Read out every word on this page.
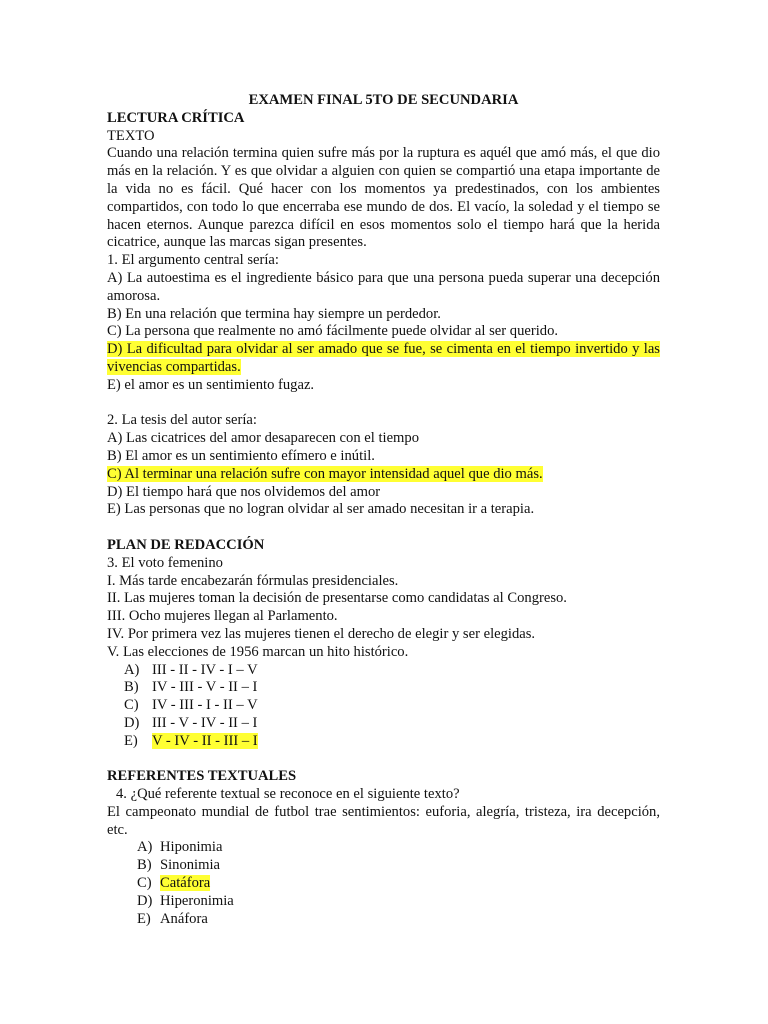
EXAMEN FINAL 5TO DE SECUNDARIA
LECTURA CRÍTICA
TEXTO
Cuando una relación termina quien sufre más por la ruptura es aquél que amó más, el que dio más en la relación. Y es que olvidar a alguien con quien se compartió una etapa importante de la vida no es fácil. Qué hacer con los momentos ya predestinados, con los ambientes compartidos, con todo lo que encerraba ese mundo de dos. El vacío, la soledad y el tiempo se hacen eternos. Aunque parezca difícil en esos momentos solo el tiempo hará que la herida cicatrice, aunque las marcas sigan presentes.
1. El argumento central sería:
A) La autoestima es el ingrediente básico para que una persona pueda superar una decepción amorosa.
B) En una relación que termina hay siempre un perdedor.
C) La persona que realmente no amó fácilmente puede olvidar al ser querido.
D) La dificultad para olvidar al ser amado que se fue, se cimenta en el tiempo invertido y las vivencias compartidas.
E) el amor es un sentimiento fugaz.
2. La tesis del autor sería:
A) Las cicatrices del amor desaparecen con el tiempo
B) El amor es un sentimiento efímero e inútil.
C) Al terminar una relación sufre con mayor intensidad aquel que dio más.
D) El tiempo hará que nos olvidemos del amor
E) Las personas que no logran olvidar al ser amado necesitan ir a terapia.
PLAN DE REDACCIÓN
3. El voto femenino
I. Más tarde encabezarán fórmulas presidenciales.
II. Las mujeres toman la decisión de presentarse como candidatas al Congreso.
III. Ocho mujeres llegan al Parlamento.
IV. Por primera vez las mujeres tienen el derecho de elegir y ser elegidas.
V. Las elecciones de 1956 marcan un hito histórico.
A) III - II - IV - I – V
B) IV - III - V - II – I
C) IV - III - I - II – V
D) III - V - IV - II – I
E) V - IV - II - III – I
REFERENTES TEXTUALES
4. ¿Qué referente textual se reconoce en el siguiente texto?
El campeonato mundial de futbol trae sentimientos: euforia, alegría, tristeza, ira decepción, etc.
A) Hiponimia
B) Sinonimia
C) Catáfora
D) Hiperonimia
E) Anáfora
